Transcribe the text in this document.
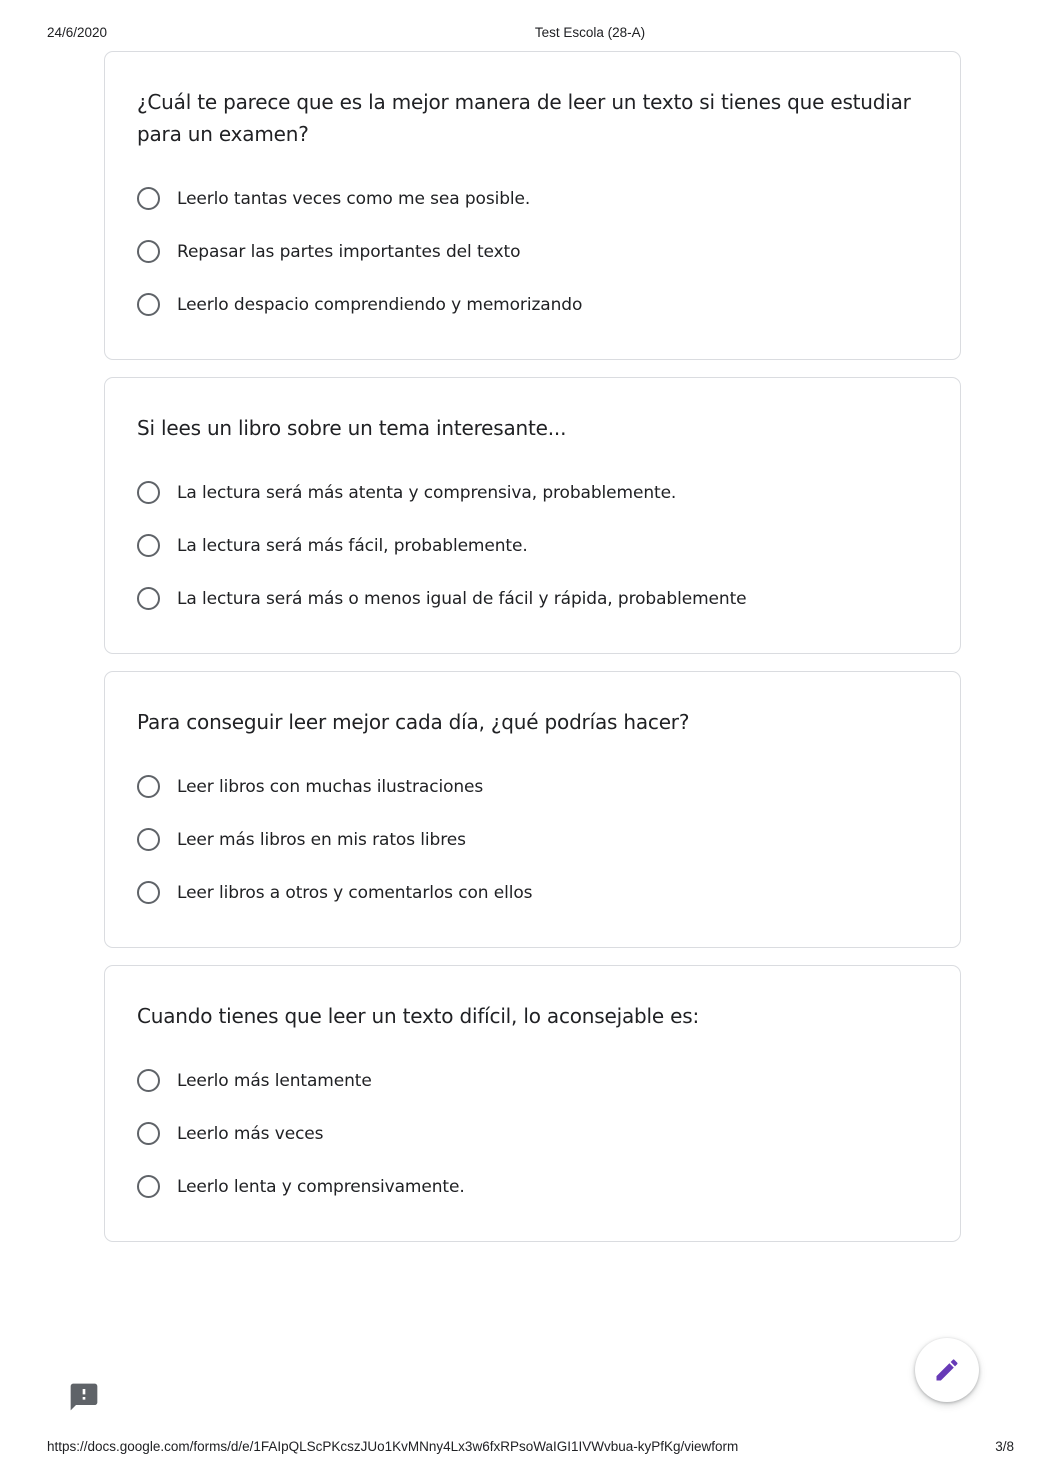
24/6/2020	Test Escola (28-A)
¿Cuál te parece que es la mejor manera de leer un texto si tienes que estudiar para un examen?
Leerlo tantas veces como me sea posible.
Repasar las partes importantes del texto
Leerlo despacio comprendiendo y memorizando
Si lees un libro sobre un tema interesante...
La lectura será más atenta y comprensiva, probablemente.
La lectura será más fácil, probablemente.
La lectura será más o menos igual de fácil y rápida, probablemente
Para conseguir leer mejor cada día, ¿qué podrías hacer?
Leer libros con muchas ilustraciones
Leer más libros en mis ratos libres
Leer libros a otros y comentarlos con ellos
Cuando tienes que leer un texto difícil, lo aconsejable es:
Leerlo más lentamente
Leerlo más veces
Leerlo lenta y comprensivamente.
https://docs.google.com/forms/d/e/1FAIpQLScPKcszJUo1KvMNny4Lx3w6fxRPsoWaIGI1IVWvbua-kyPfKg/viewform	3/8
